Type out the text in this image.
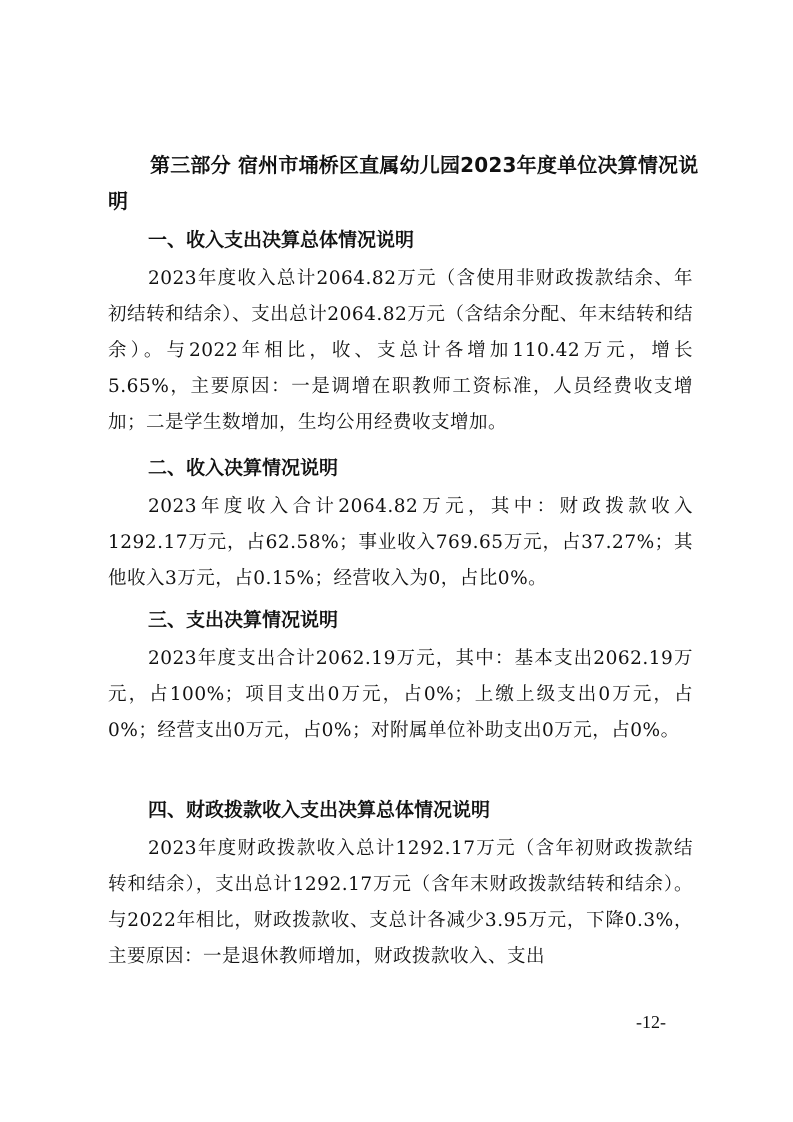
第三部分 宿州市埇桥区直属幼儿园2023年度单位决算情况说明
一、收入支出决算总体情况说明

2023年度收入总计2064.82万元（含使用非财政拨款结余、年初结转和结余）、支出总计2064.82万元（含结余分配、年末结转和结余）。与2022年相比，收、支总计各增加110.42万元，增长5.65%，主要原因：一是调增在职教师工资标准，人员经费收支增加；二是学生数增加，生均公用经费收支增加。

二、收入决算情况说明

2023年度收入合计2064.82万元，其中：财政拨款收入1292.17万元，占62.58%；事业收入769.65万元，占37.27%；其他收入3万元，占0.15%；经营收入为0，占比0%。

三、支出决算情况说明

2023年度支出合计2062.19万元，其中：基本支出2062.19万元，占100%；项目支出0万元，占0%；上缴上级支出0万元，占0%；经营支出0万元，占0%；对附属单位补助支出0万元，占0%。

四、财政拨款收入支出决算总体情况说明

2023年度财政拨款收入总计1292.17万元（含年初财政拨款结转和结余），支出总计1292.17万元（含年末财政拨款结转和结余）。与2022年相比，财政拨款收、支总计各减少3.95万元，下降0.3%，主要原因：一是退休教师增加，财政拨款收入、支出

-12-
